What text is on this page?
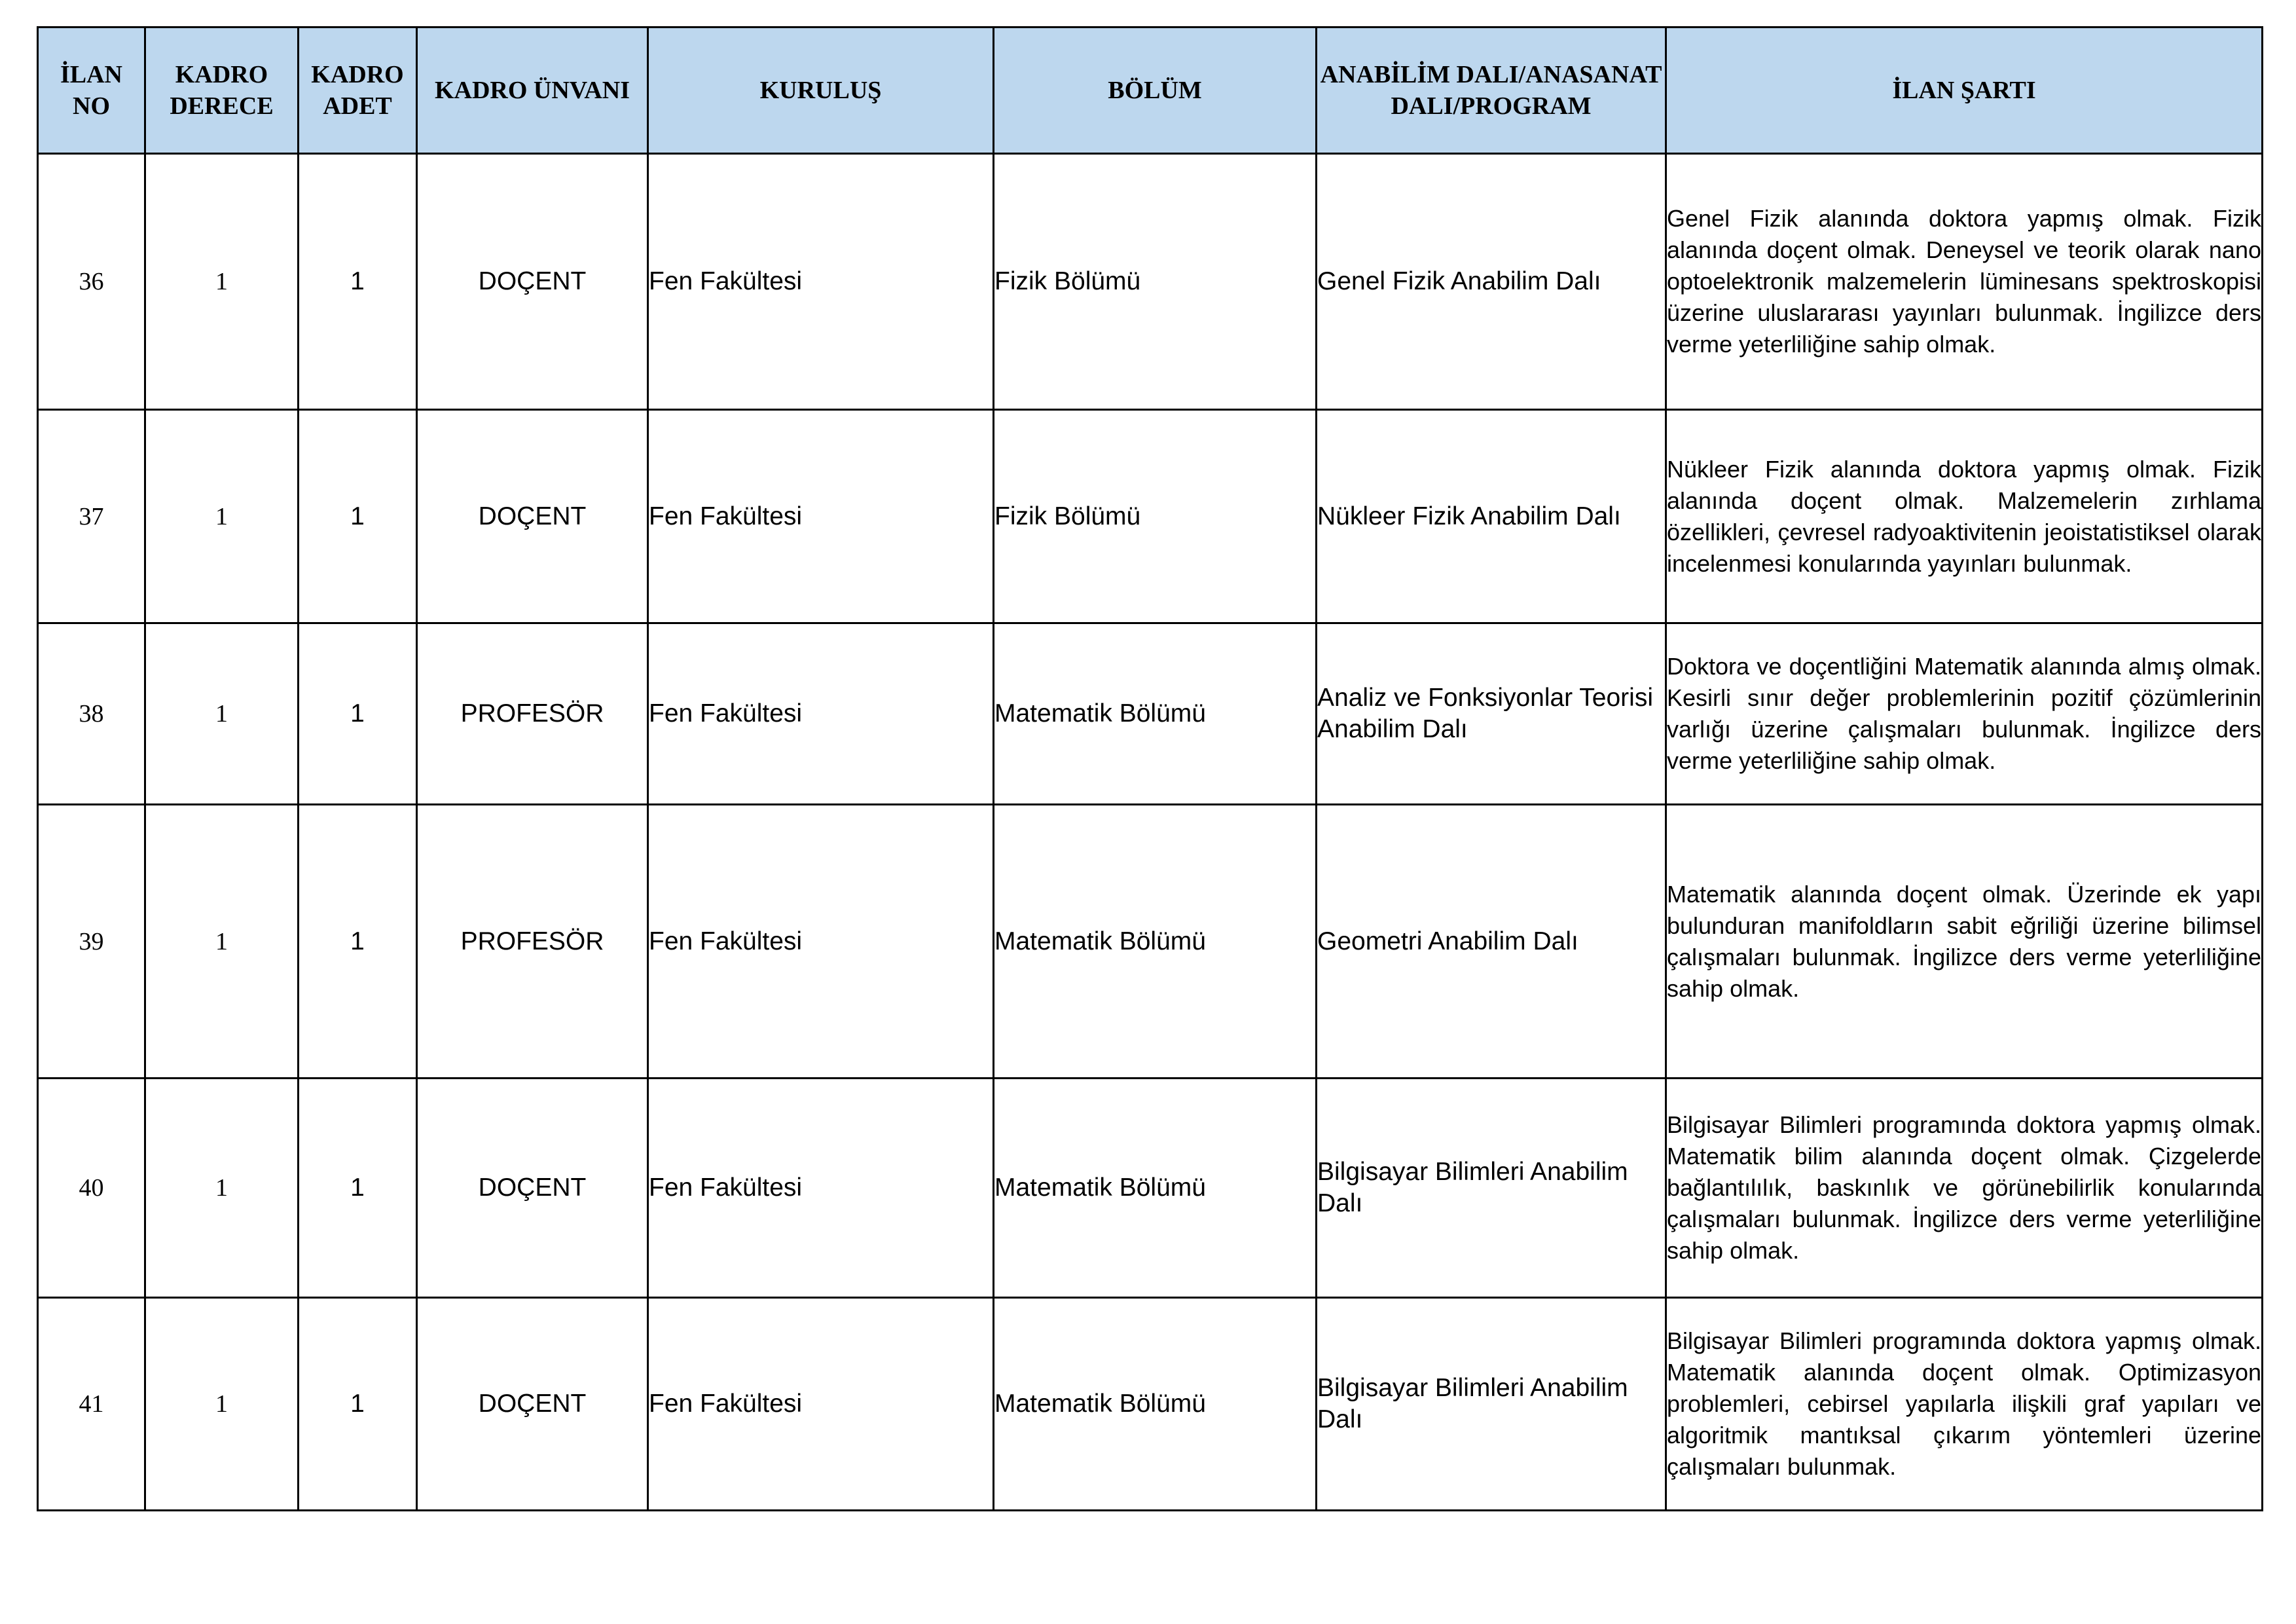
İLAN NO	KADRO DERECE	KADRO ADET	KADRO ÜNVANI	KURULUŞ	BÖLÜM	ANABİLİM DALI/ANASANAT DALI/PROGRAM	İLAN ŞARTI
36	1	1	DOÇENT	Fen Fakültesi	Fizik Bölümü	Genel Fizik Anabilim Dalı	Genel Fizik alanında doktora yapmış olmak. Fizik alanında doçent olmak. Deneysel ve teorik olarak nano optoelektronik malzemelerin lüminesans spektroskopisi üzerine uluslararası yayınları bulunmak. İngilizce ders verme yeterliliğine sahip olmak.
37	1	1	DOÇENT	Fen Fakültesi	Fizik Bölümü	Nükleer Fizik Anabilim Dalı	Nükleer Fizik alanında doktora yapmış olmak. Fizik alanında doçent olmak. Malzemelerin zırhlama özellikleri, çevresel radyoaktivitenin jeoistatistiksel olarak incelenmesi konularında yayınları bulunmak.
38	1	1	PROFESÖR	Fen Fakültesi	Matematik Bölümü	Analiz ve Fonksiyonlar Teorisi Anabilim Dalı	Doktora ve doçentliğini Matematik alanında almış olmak. Kesirli sınır değer problemlerinin pozitif çözümlerinin varlığı üzerine çalışmaları bulunmak. İngilizce ders verme yeterliliğine sahip olmak.
39	1	1	PROFESÖR	Fen Fakültesi	Matematik Bölümü	Geometri Anabilim Dalı	Matematik alanında doçent olmak. Üzerinde ek yapı bulunduran manifoldların sabit eğriliği üzerine bilimsel çalışmaları bulunmak. İngilizce ders verme yeterliliğine sahip olmak.
40	1	1	DOÇENT	Fen Fakültesi	Matematik Bölümü	Bilgisayar Bilimleri Anabilim Dalı	Bilgisayar Bilimleri programında doktora yapmış olmak. Matematik bilim alanında doçent olmak. Çizgelerde bağlantılılık, baskınlık ve görünebilirlik konularında çalışmaları bulunmak. İngilizce ders verme yeterliliğine sahip olmak.
41	1	1	DOÇENT	Fen Fakültesi	Matematik Bölümü	Bilgisayar Bilimleri Anabilim Dalı	Bilgisayar Bilimleri programında doktora yapmış olmak. Matematik alanında doçent olmak. Optimizasyon problemleri, cebirsel yapılarla ilişkili graf yapıları ve algoritmik mantıksal çıkarım yöntemleri üzerine çalışmaları bulunmak.
